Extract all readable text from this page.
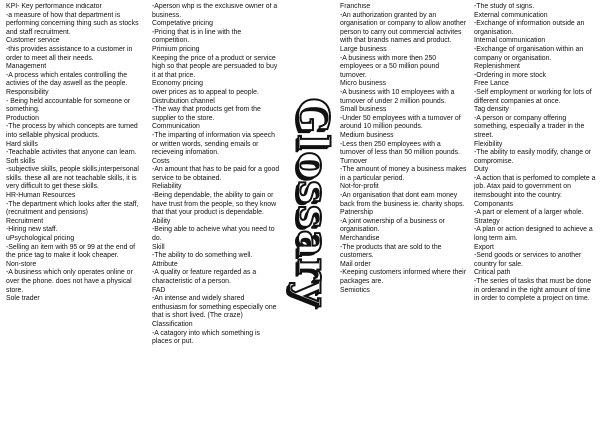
KPI- Key performance indicator
-a measure of how that department is performing concerning thing such as stocks and staff recruitment.
Customer service
-this provides assistance to a customer in order to meet all their needs.
Management
-A process which entales controlling the activies of the day aswell as the people.
Responsibility
- Being held accountable for someone or something.
Production
-The process by which concepts are turned into sellable physical products.
Hard skills
-Teachable activites that anyone can learn.
Soft skills
-subjective skills, people skills,interpersonal skills. these all are not teachable skills, it is very difficult to get these skills.
HR-Human Resources
-The department which looks after the staff,(recruitment and pensions)
Recruitment
-Hiring new staff.
uPsychological pricing
-Selling an item with 95 or 99 at the end of the price tag to make it look cheaper.
Non-store
-A business which only operates online or over the phone. does not have a physical store.
Sole trader
-Aperson whp is the exclusive owner of a business.
Competative pricing
-Pricing that is in line with the competition.
Primium pricing
Keeping the price of a product or service high so that people are persuaded to buy it at that price.
Economy pricing
ower prices as to appeal to people.
Distrubution channel
-The way that products get from the supplier to the store.
Communication
-The imparting of information via speech or written words, sending emails or recieveing infomation.
Costs
-An amount that has to be paid for a good service to be obtained.
Reliability
-Being dependable, the ability to gain or have trust from the people, so they know that that your product is dependable.
Ability
-Being able to acheive what you need to do.
Skill
-The ability to do something well.
Attribute
-A quality or feature regarded as a characteristic of a person.
FAD
-An intense and widely shared enthusiasm for something especially one that is short lived. (The craze)
Classification
-A catagory into which something is places or put.
Glossary
Franchise
-An authorization granted by an organisation or company to allow another person to carry out commercial activites with that brands names and product.
Large business
-A business with more then 250 employees or a 50 million pound turnover.
Micro business
-A business with 10 employees with a turnover of under 2 million pounds.
Small business
-Under 50 employees with a turnover of around 10 million peounds.
Medium business
-Less then 250 employees with a turnover of less than 50 million pounds.
Turnover
-The amount of money a business makes in a particular period.
Not-for-profit
-An organisation that dont earn money back from the business ie. charity shops.
Patnership
-A joint ownership of a business or organisation.
Merchandise
-The products that are sold to the customers.
Mail order
-Keeping customers informed where their packages are.
Semiotics
-The study of signs.
External communication
-Exchange of information outside an organisation.
Internal communication
-Exchange of organisation within an company or organisation.
Replenishment
-Ordering in more stock
Free Lance
-Self employment or working for lots of different companies at once.
Tag density
-A person or company offering something, especially a trader in the street.
Flexibility
-The ability to easily modify, change or compromise.
Duty
-A action that is perfomed to complete a job. Atax paid to government on itemsbought into the country.
Componants
-A part or element of a larger whole.
Strategy
-A plan or action designed to achieve a long term aim.
Export
-Send goods or services to another country for sale.
Critical path
-The series of tasks that must be done in orderand in the right amount of time in order to complete a project on time.
